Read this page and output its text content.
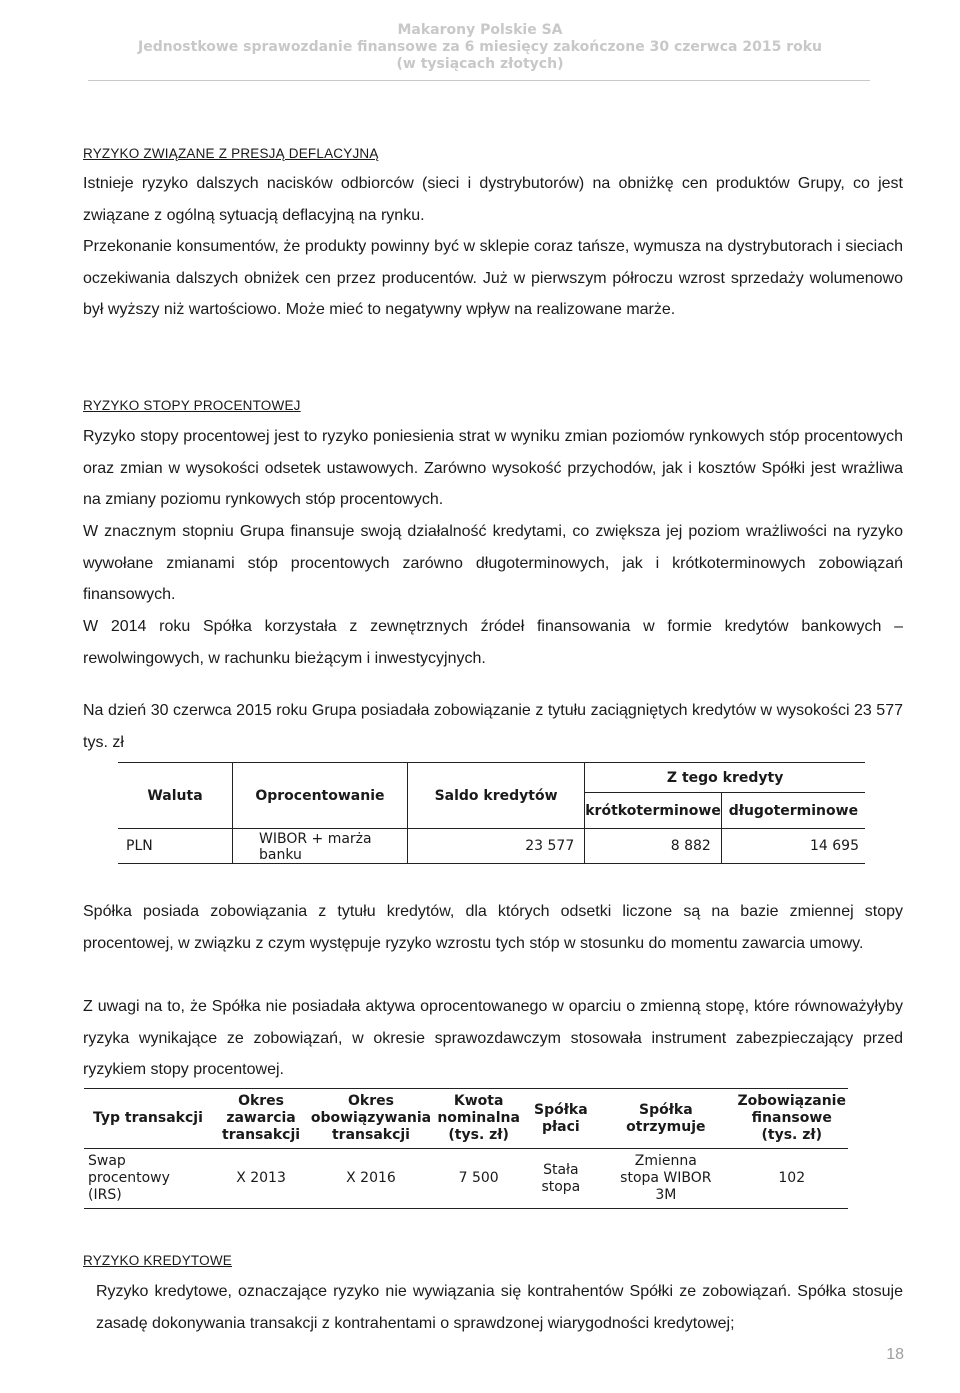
Makarony Polskie SA
Jednostkowe sprawozdanie finansowe za 6 miesięcy zakończone 30 czerwca 2015 roku
(w tysiącach złotych)
RYZYKO ZWIĄZANE Z PRESJĄ DEFLACYJNĄ
Istnieje ryzyko dalszych nacisków odbiorców (sieci i dystrybutorów) na obniżkę cen produktów Grupy, co jest związane z ogólną sytuacją deflacyjną na rynku.
Przekonanie konsumentów, że produkty powinny być w sklepie coraz tańsze, wymusza na dystrybutorach i sieciach oczekiwania dalszych obniżek cen przez producentów. Już w pierwszym półroczu wzrost sprzedaży wolumenowo był wyższy niż wartościowo. Może mieć to negatywny wpływ na realizowane marże.
RYZYKO STOPY PROCENTOWEJ
Ryzyko stopy procentowej jest to ryzyko poniesienia strat w wyniku zmian poziomów rynkowych stóp procentowych oraz zmian w wysokości odsetek ustawowych. Zarówno wysokość przychodów, jak i kosztów Spółki jest wrażliwa na zmiany poziomu rynkowych stóp procentowych.
W znacznym stopniu Grupa finansuje swoją działalność kredytami, co zwiększa jej poziom wrażliwości na ryzyko wywołane zmianami stóp procentowych zarówno długoterminowych, jak i krótkoterminowych zobowiązań finansowych.
W 2014 roku Spółka korzystała z zewnętrznych źródeł finansowania w formie kredytów bankowych – rewolwingowych, w rachunku bieżącym i inwestycyjnych.
Na dzień 30 czerwca 2015 roku Grupa posiadała zobowiązanie z tytułu zaciągniętych kredytów w wysokości 23 577 tys. zł
Waluta	Oprocentowanie	Saldo kredytów	Z tego kredyty	
			krótkoterminowe	długoterminowe
PLN	WIBOR + marża banku	23 577	8 882	14 695
Spółka posiada zobowiązania z tytułu kredytów, dla których odsetki liczone są na bazie zmiennej stopy procentowej, w związku z czym występuje ryzyko wzrostu tych stóp w stosunku do momentu zawarcia umowy.
Z uwagi na to, że Spółka nie posiadała aktywa oprocentowanego w oparciu o zmienną stopę, które równoważyłyby ryzyka wynikające ze zobowiązań, w okresie sprawozdawczym stosowała instrument zabezpieczający przed ryzykiem stopy procentowej.
Typ transakcji	Okres zawarcia transakcji	Okres obowiązywania transakcji	Kwota nominalna (tys. zł)	Spółka płaci	Spółka otrzymuje	Zobowiązanie finansowe (tys. zł)
Swap procentowy (IRS)	X 2013	X 2016	7 500	Stała stopa	Zmienna stopa WIBOR 3M	102
RYZYKO KREDYTOWE
Ryzyko kredytowe, oznaczające ryzyko nie wywiązania się kontrahentów Spółki ze zobowiązań. Spółka stosuje zasadę dokonywania transakcji z kontrahentami o sprawdzonej wiarygodności kredytowej;
18
